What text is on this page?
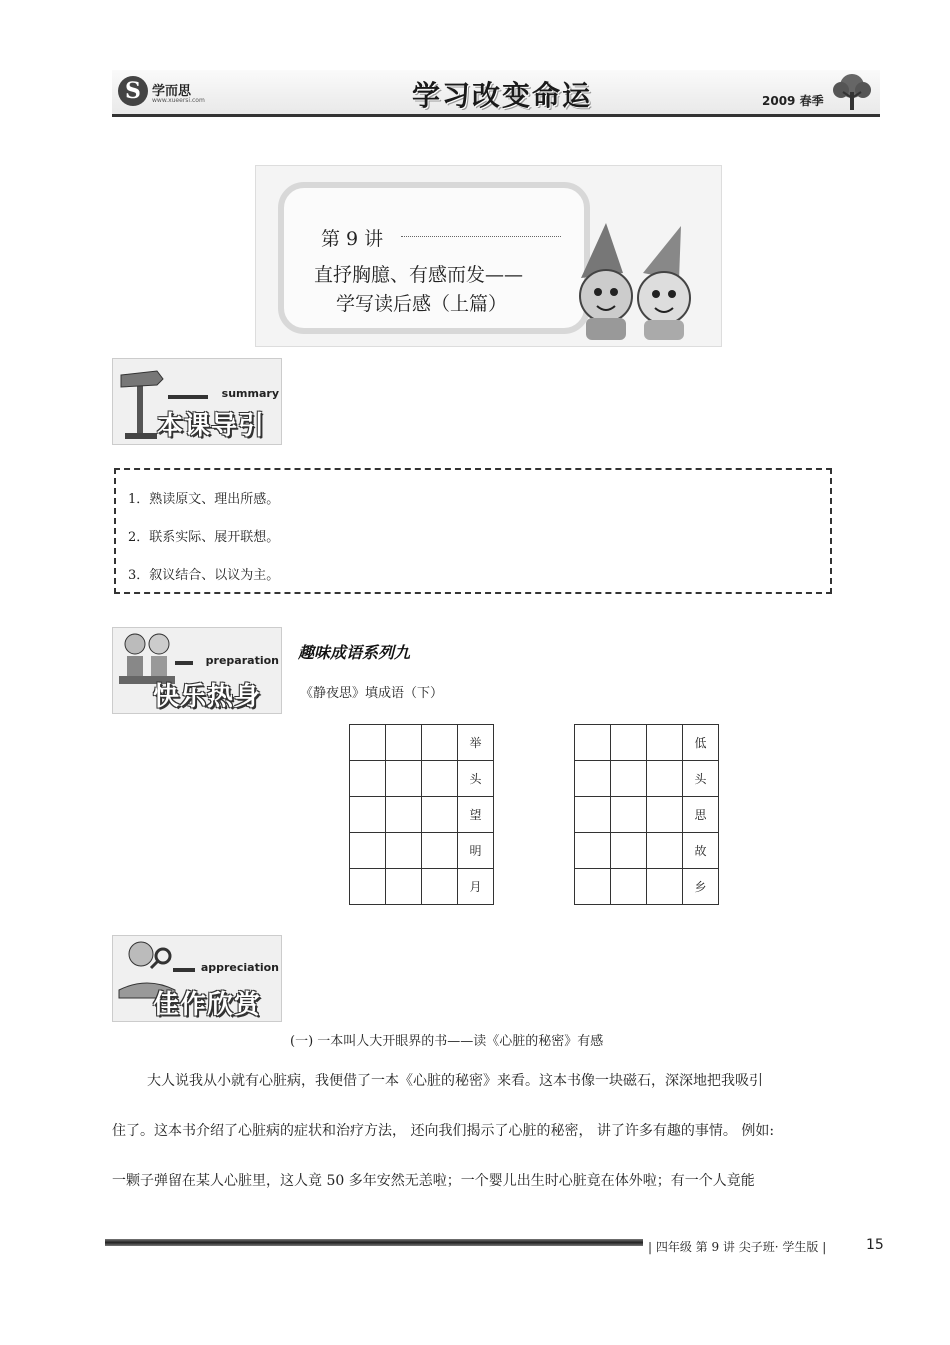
S 学而思
www.xueersi.com	学习改变命运	2009 春季
第 9 讲
直抒胸臆、有感而发——
学写读后感（上篇）
summary
本课导引
1．熟读原文、理出所感。
2．联系实际、展开联想。
3．叙议结合、以议为主。
preparation
快乐热身
趣味成语系列九
《静夜思》填成语（下）
			举
			头
			望
			明
			月
			低
			头
			思
			故
			乡
appreciation
佳作欣赏
(一) 一本叫人大开眼界的书——读《心脏的秘密》有感
大人说我从小就有心脏病，我便借了一本《心脏的秘密》来看。这本书像一块磁石，深深地把我吸引
住了。这本书介绍了心脏病的症状和治疗方法， 还向我们揭示了心脏的秘密， 讲了许多有趣的事情。 例如:
一颗子弹留在某人心脏里，这人竟 50 多年安然无恙啦；一个婴儿出生时心脏竟在体外啦；有一个人竟能
| 四年级 第 9 讲 尖子班· 学生版 |	15
